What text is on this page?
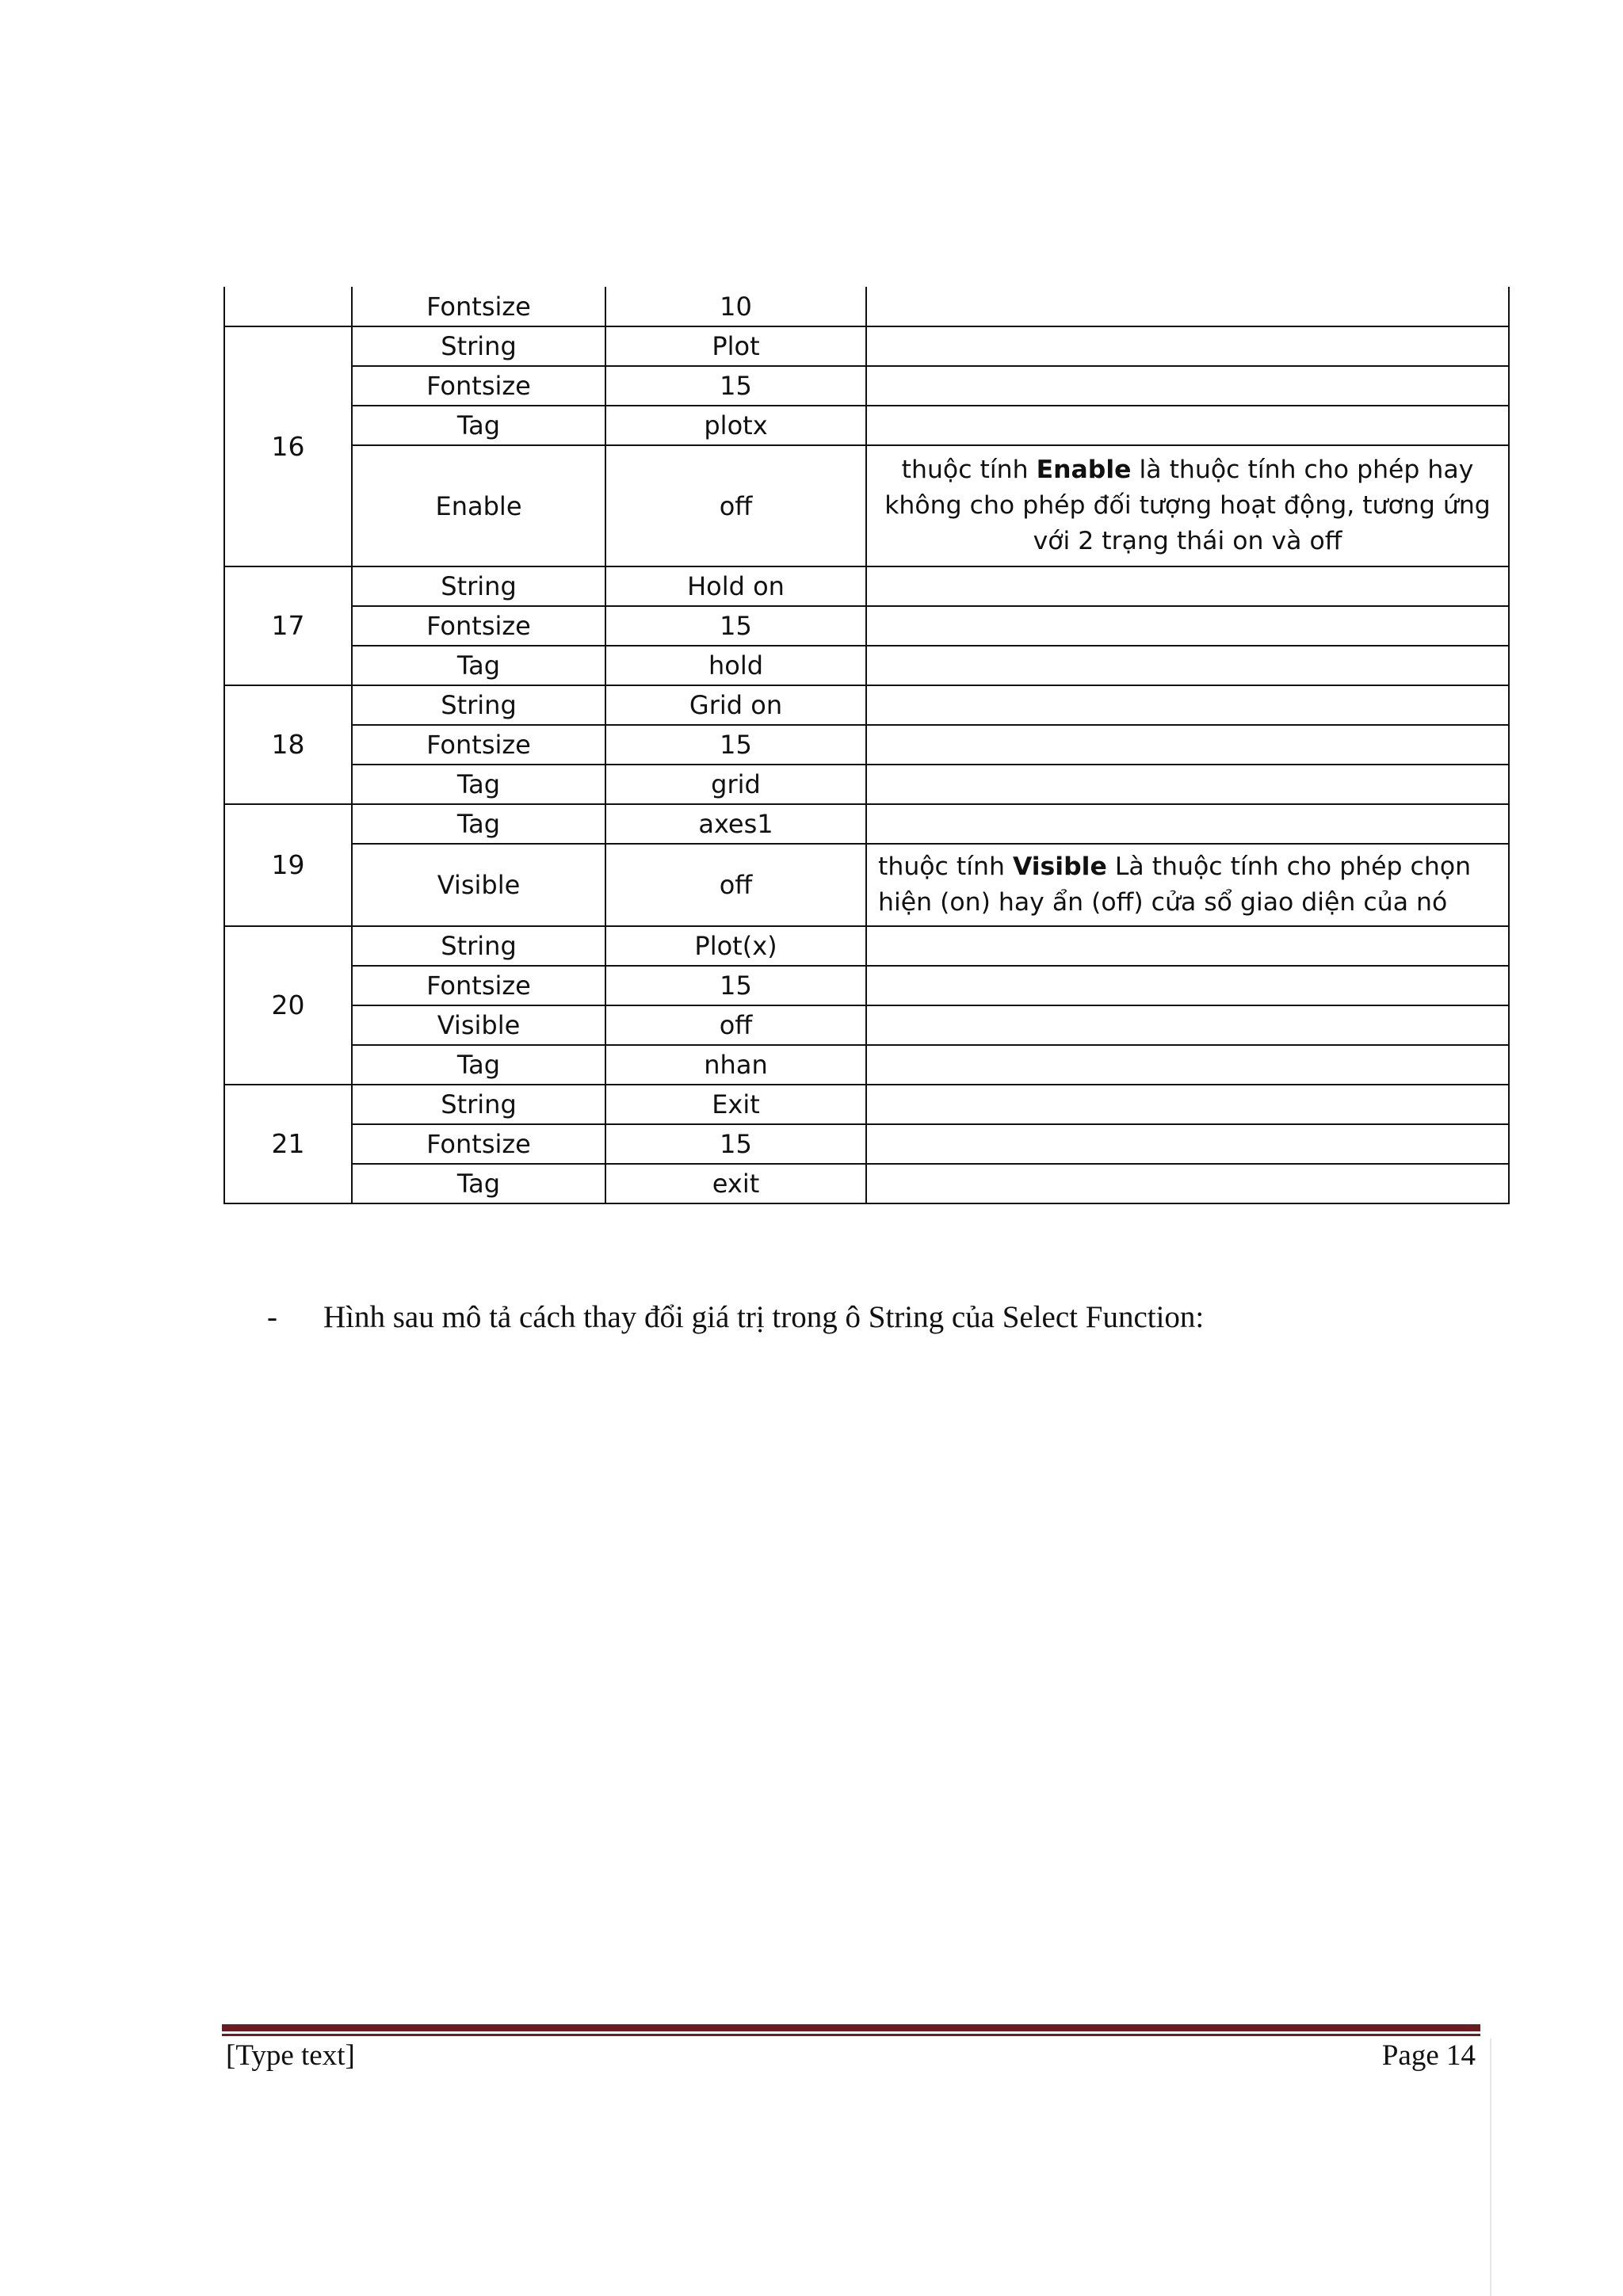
	Fontsize	10	
16	String	Plot	
	Fontsize	15	
	Tag	plotx	
	Enable	off	thuộc tính Enable là thuộc tính cho phép hay không cho phép đối tượng hoạt động, tương ứng với 2 trạng thái on và off
17	String	Hold on	
	Fontsize	15	
	Tag	hold	
18	String	Grid on	
	Fontsize	15	
	Tag	grid	
19	Tag	axes1	
	Visible	off	thuộc tính Visible Là thuộc tính cho phép chọn hiện (on) hay ẩn (off) cửa sổ giao diện của nó
20	String	Plot(x)	
	Fontsize	15	
	Visible	off	
	Tag	nhan	
21	String	Exit	
	Fontsize	15	
	Tag	exit	
- Hình sau mô tả cách thay đổi giá trị trong ô String của Select Function:
[Type text]	Page 14
